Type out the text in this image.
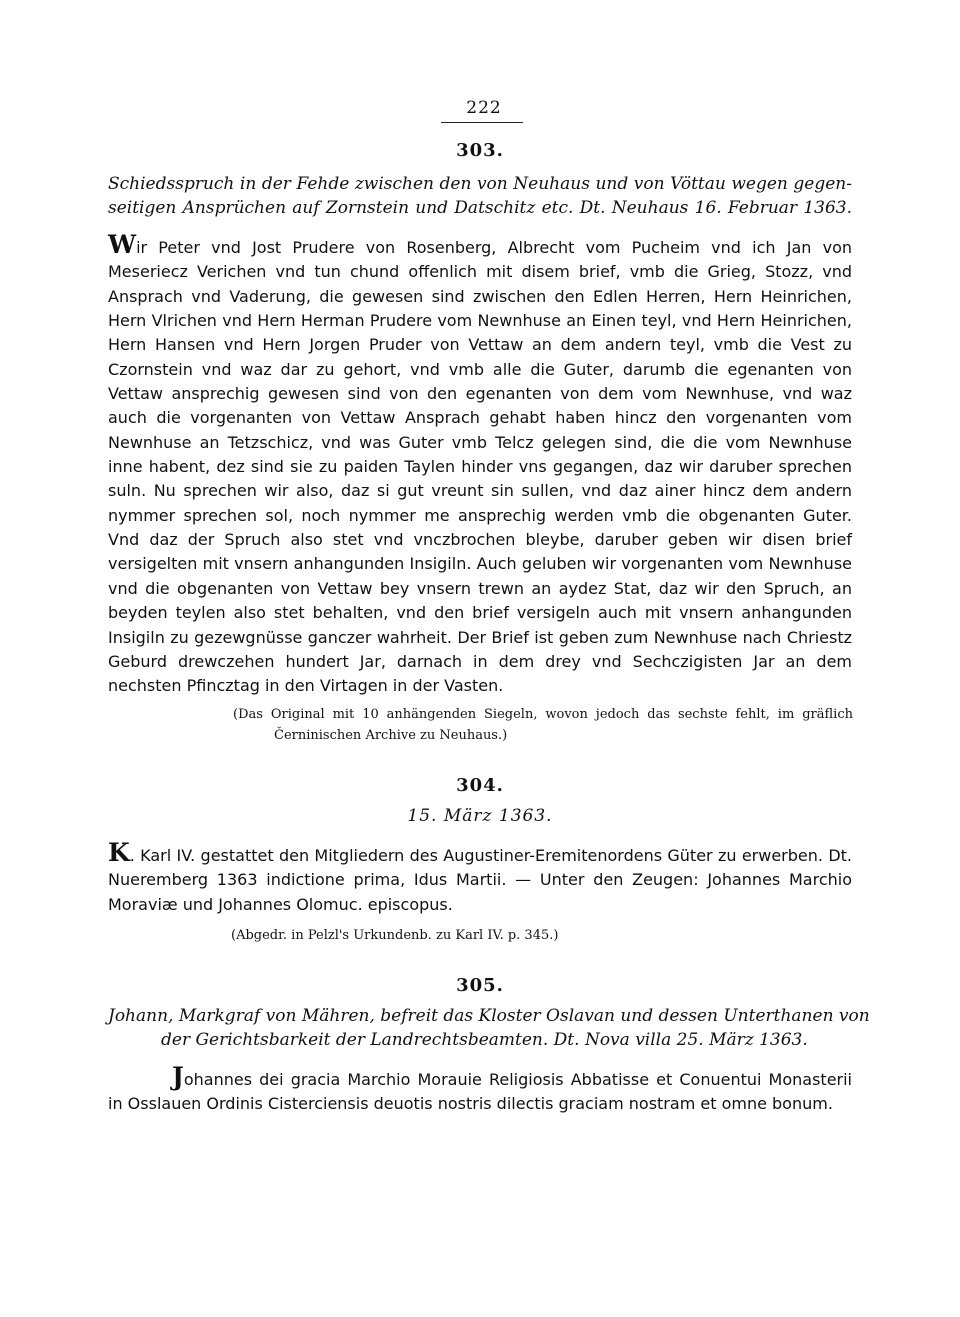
222
303.
Schiedsspruch in der Fehde zwischen den von Neuhaus und von Vöttau wegen gegen-
seitigen Ansprüchen auf Zornstein und Datschitz etc. Dt. Neuhaus 16. Februar 1363.
Wir Peter vnd Jost Prudere von Rosenberg, Albrecht vom Pucheim vnd ich Jan von Meseriecz Verichen vnd tun chund offenlich mit disem brief, vmb die Grieg, Stozz, vnd Ansprach vnd Vaderung, die gewesen sind zwischen den Edlen Herren, Hern Heinrichen, Hern Vlrichen vnd Hern Herman Prudere vom Newnhuse an Einen teyl, vnd Hern Heinrichen, Hern Hansen vnd Hern Jorgen Pruder von Vettaw an dem andern teyl, vmb die Vest zu Czornstein vnd waz dar zu gehort, vnd vmb alle die Guter, darumb die egenanten von Vettaw ansprechig gewesen sind von den egenanten von dem vom Newnhuse, vnd waz auch die vorgenanten von Vettaw Ansprach gehabt haben hincz den vorgenanten vom Newnhuse an Tetzschicz, vnd was Guter vmb Telcz gelegen sind, die die vom Newnhuse inne habent, dez sind sie zu paiden Taylen hinder vns gegangen, daz wir daruber sprechen suln. Nu sprechen wir also, daz si gut vreunt sin sullen, vnd daz ainer hincz dem andern nymmer sprechen sol, noch nymmer me ansprechig werden vmb die obgenanten Guter. Vnd daz der Spruch also stet vnd vnczbrochen bleybe, daruber geben wir disen brief versigelten mit vnsern anhangunden Insigiln. Auch geluben wir vorgenanten vom Newnhuse vnd die obgenanten von Vettaw bey vnsern trewn an aydez Stat, daz wir den Spruch, an beyden teylen also stet behalten, vnd den brief versigeln auch mit vnsern anhangunden Insigiln zu gezewgnüsse ganczer wahrheit. Der Brief ist geben zum Newnhuse nach Chriestz Geburd drewczehen hundert Jar, darnach in dem drey vnd Sechczigisten Jar an dem nechsten Pfincztag in den Virtagen in der Vasten.
(Das Original mit 10 anhängenden Siegeln, wovon jedoch das sechste fehlt, im gräflich
Černinischen Archive zu Neuhaus.)
304.
15. März 1363.
K. Karl IV. gestattet den Mitgliedern des Augustiner-Eremitenordens Güter zu erwerben. Dt. Nueremberg 1363 indictione prima, Idus Martii. — Unter den Zeugen: Johannes Marchio Moraviæ und Johannes Olomuc. episcopus.
(Abgedr. in Pelzl's Urkundenb. zu Karl IV. p. 345.)
305.
Johann, Markgraf von Mähren, befreit das Kloster Oslavan und dessen Unterthanen von
der Gerichtsbarkeit der Landrechtsbeamten. Dt. Nova villa 25. März 1363.
Johannes dei gracia Marchio Morauie Religiosis Abbatisse et Conuentui Monasterii in Osslauen Ordinis Cisterciensis deuotis nostris dilectis graciam nostram et omne bonum.
